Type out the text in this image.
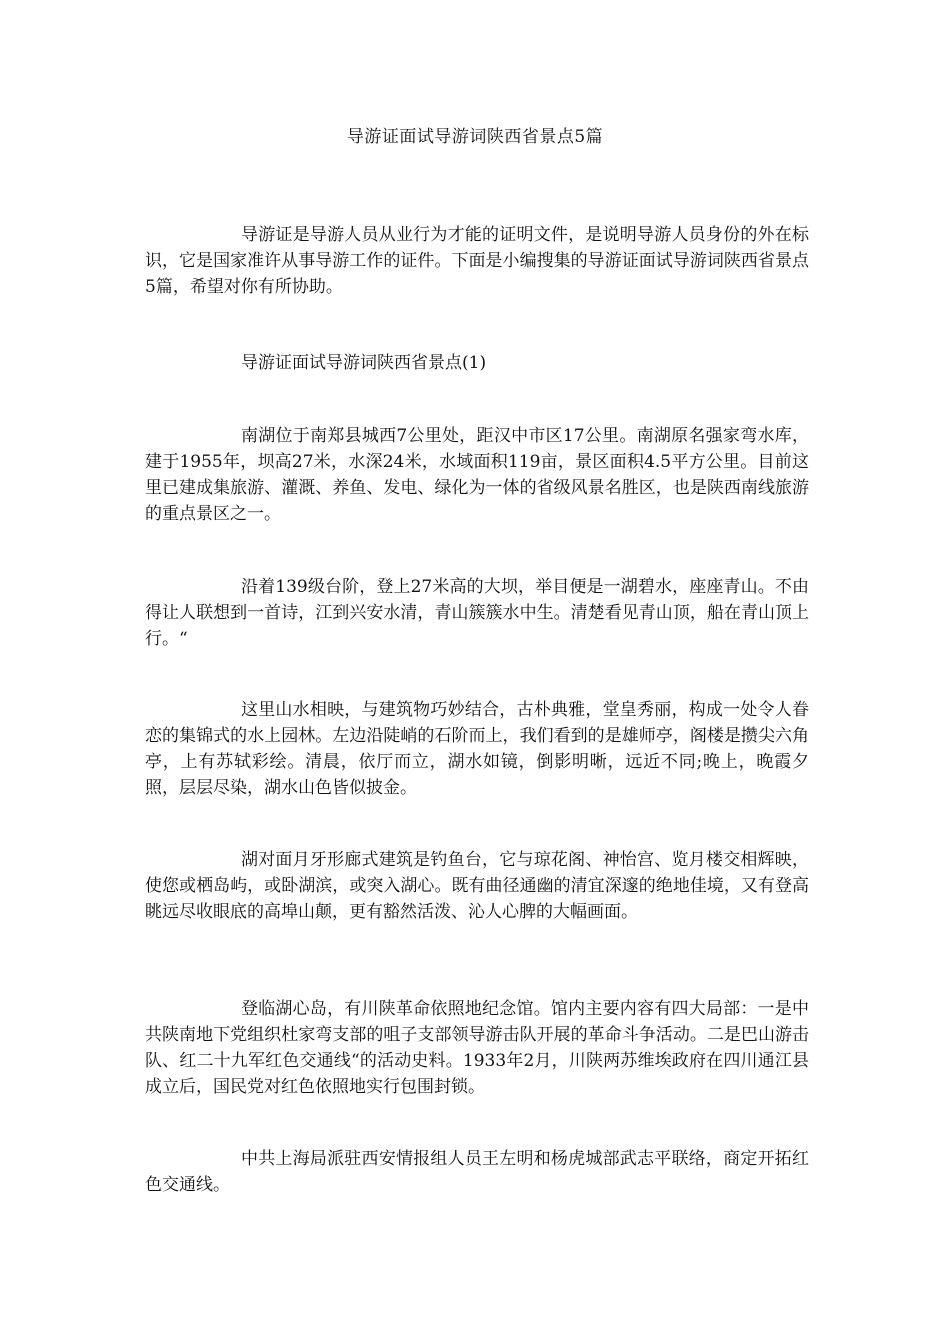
导游证面试导游词陕西省景点5篇

导游证是导游人员从业行为才能的证明文件，是说明导游人员身份的外在标识，它是国家准许从事导游工作的证件。下面是小编搜集的导游证面试导游词陕西省景点5篇，希望对你有所协助。

导游证面试导游词陕西省景点(1)

南湖位于南郑县城西7公里处，距汉中市区17公里。南湖原名强家弯水库，建于1955年，坝高27米，水深24米，水域面积119亩，景区面积4.5平方公里。目前这里已建成集旅游、灌溉、养鱼、发电、绿化为一体的省级风景名胜区，也是陕西南线旅游的重点景区之一。

沿着139级台阶，登上27米高的大坝，举目便是一湖碧水，座座青山。不由得让人联想到一首诗，江到兴安水清，青山簇簇水中生。清楚看见青山顶，船在青山顶上行。“

这里山水相映，与建筑物巧妙结合，古朴典雅，堂皇秀丽，构成一处令人眷恋的集锦式的水上园林。左边沿陡峭的石阶而上，我们看到的是雄师亭，阁楼是攒尖六角亭，上有苏轼彩绘。清晨，依厅而立，湖水如镜，倒影明晰，远近不同;晚上，晚霞夕照，层层尽染，湖水山色皆似披金。

湖对面月牙形廊式建筑是钓鱼台，它与琼花阁、神怡宫、览月楼交相辉映，使您或栖岛屿，或卧湖滨，或突入湖心。既有曲径通幽的清宜深邃的绝地佳境，又有登高眺远尽收眼底的高埠山颠，更有豁然活泼、沁人心脾的大幅画面。

登临湖心岛，有川陕革命依照地纪念馆。馆内主要内容有四大局部：一是中共陕南地下党组织杜家弯支部的咀子支部领导游击队开展的革命斗争活动。二是巴山游击队、红二十九军红色交通线“的活动史料。1933年2月，川陕两苏维埃政府在四川通江县成立后，国民党对红色依照地实行包围封锁。

中共上海局派驻西安情报组人员王左明和杨虎城部武志平联络，商定开拓红色交通线。
